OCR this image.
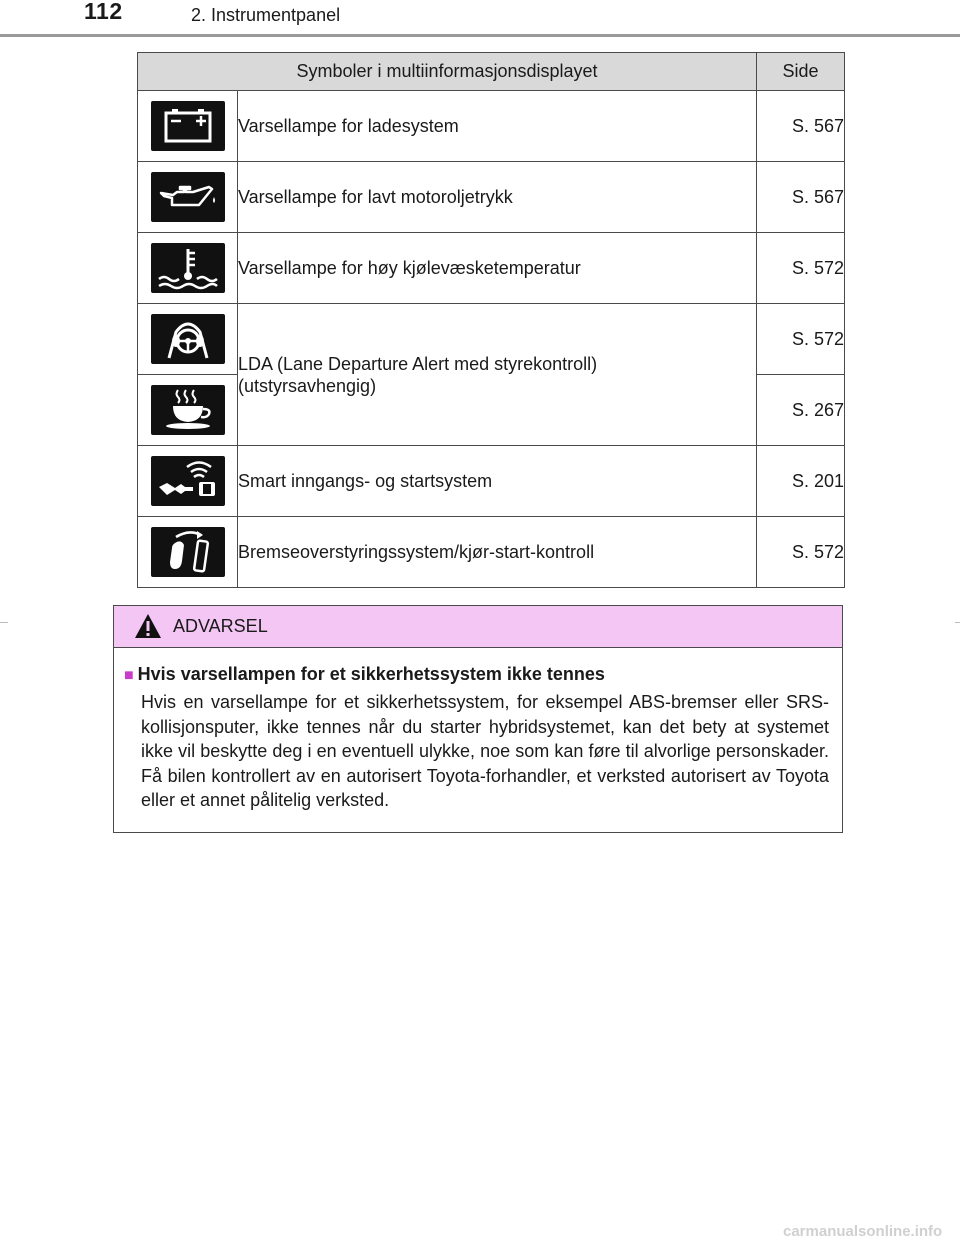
112	2. Instrumentpanel
Symboler i multiinformasjonsdisplayet		Side

	Varsellampe for ladesystem	S. 567

	Varsellampe for lavt motoroljetrykk	S. 567

	Varsellampe for høy kjølevæsketemperatur	S. 572

LDA (Lane Departure Alert med styrekontroll)
(utstyrsavhengig)	S. 572

	S. 267

	Smart inngangs- og startsystem	S. 201

	Bremseoverstyringssystem/kjør-start-kontroll	S. 572
ADVARSEL
■ Hvis varsellampen for et sikkerhetssystem ikke tennes
Hvis en varsellampe for et sikkerhetssystem, for eksempel ABS-bremser eller SRS-kollisjonsputer, ikke tennes når du starter hybridsystemet, kan det bety at systemet ikke vil beskytte deg i en eventuell ulykke, noe som kan føre til alvorlige personskader. Få bilen kontrollert av en autorisert Toyota-forhandler, et verksted autorisert av Toyota eller et annet pålitelig verksted.
carmanualsonline.info
